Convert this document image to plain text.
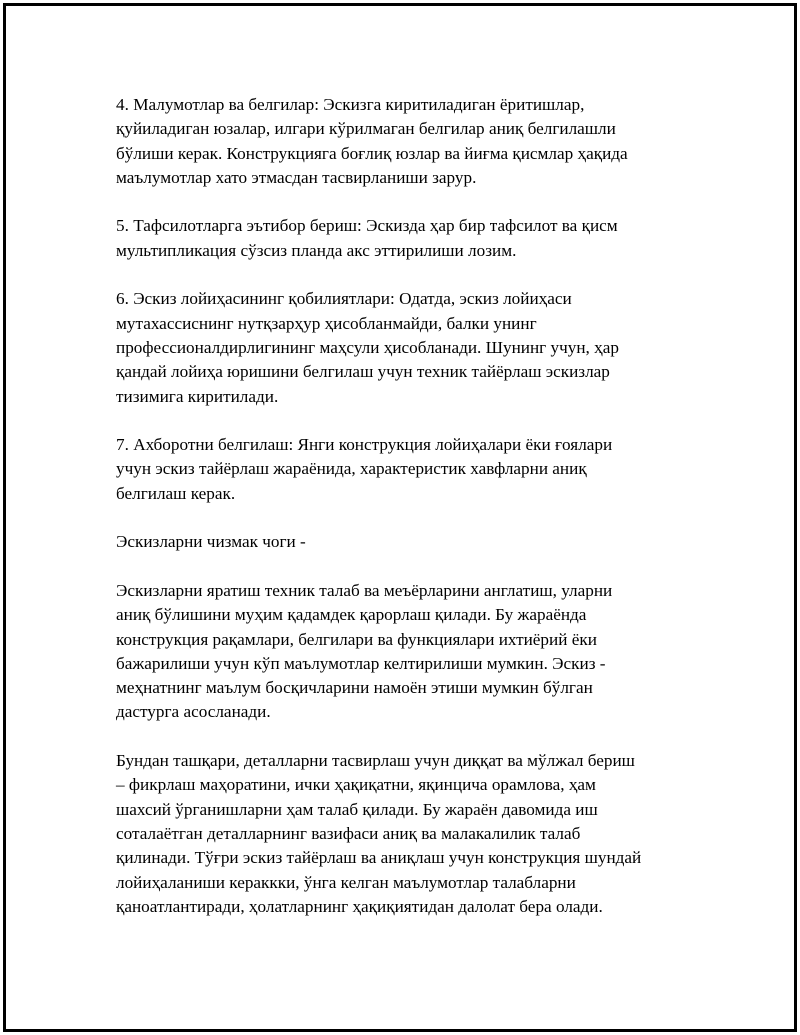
4. Малумотлар ва белгилар: Эскизга киритиладиган ёритишлар,
қуйиладиган юзалар, илгари кўрилмаган белгилар аниқ белгилашли
бўлиши керак. Конструкцияга боғлиқ юзлар ва йиғма қисмлар ҳақида
маълумотлар хато этмасдан тасвирланиши зарур.

5. Тафсилотларга эътибор бериш: Эскизда ҳар бир тафсилот ва қисм
мультипликация сўзсиз планда акс эттирилиши лозим.

6. Эскиз лойиҳасининг қобилиятлари: Одатда, эскиз лойиҳаси
мутахассиснинг нутқзарҳур ҳисобланмайди, балки унинг
профессионалдирлигининг маҳсули ҳисобланади. Шунинг учун, ҳар
қандай лойиҳа юришини белгилаш учун техник тайёрлаш эскизлар
тизимига киритилади.

7. Ахборотни белгилаш: Янги конструкция лойиҳалари ёки ғоялари
учун эскиз тайёрлаш жараёнида, характеристик хавфларни аниқ
белгилаш керак.

Эскизларни чизмак чоги -

Эскизларни яратиш техник талаб ва меъёрларини англатиш, уларни
аниқ бўлишини муҳим қадамдек қарорлаш қилади. Бу жараёнда
конструкция рақамлари, белгилари ва функциялари ихтиёрий ёки
бажарилиши учун кўп маълумотлар келтирилиши мумкин. Эскиз -
меҳнатнинг маълум босқичларини намоён этиши мумкин бўлган
дастурга асосланади.

Бундан ташқари, деталларни тасвирлаш учун диққат ва мўлжал бериш
– фикрлаш маҳоратини, ички ҳақиқатни, яқинцича орамлова, ҳам
шахсий ўрганишларни ҳам талаб қилади. Бу жараён давомида иш
соталаётган деталларнинг вазифаси аниқ ва малакалилик талаб
қилинади. Тўғри эскиз тайёрлаш ва аниқлаш учун конструкция шундай
лойиҳаланиши кераккки, ўнга келган маълумотлар талабларни
қаноатлантиради, ҳолатларнинг ҳақиқиятидан далолат бера олади.
